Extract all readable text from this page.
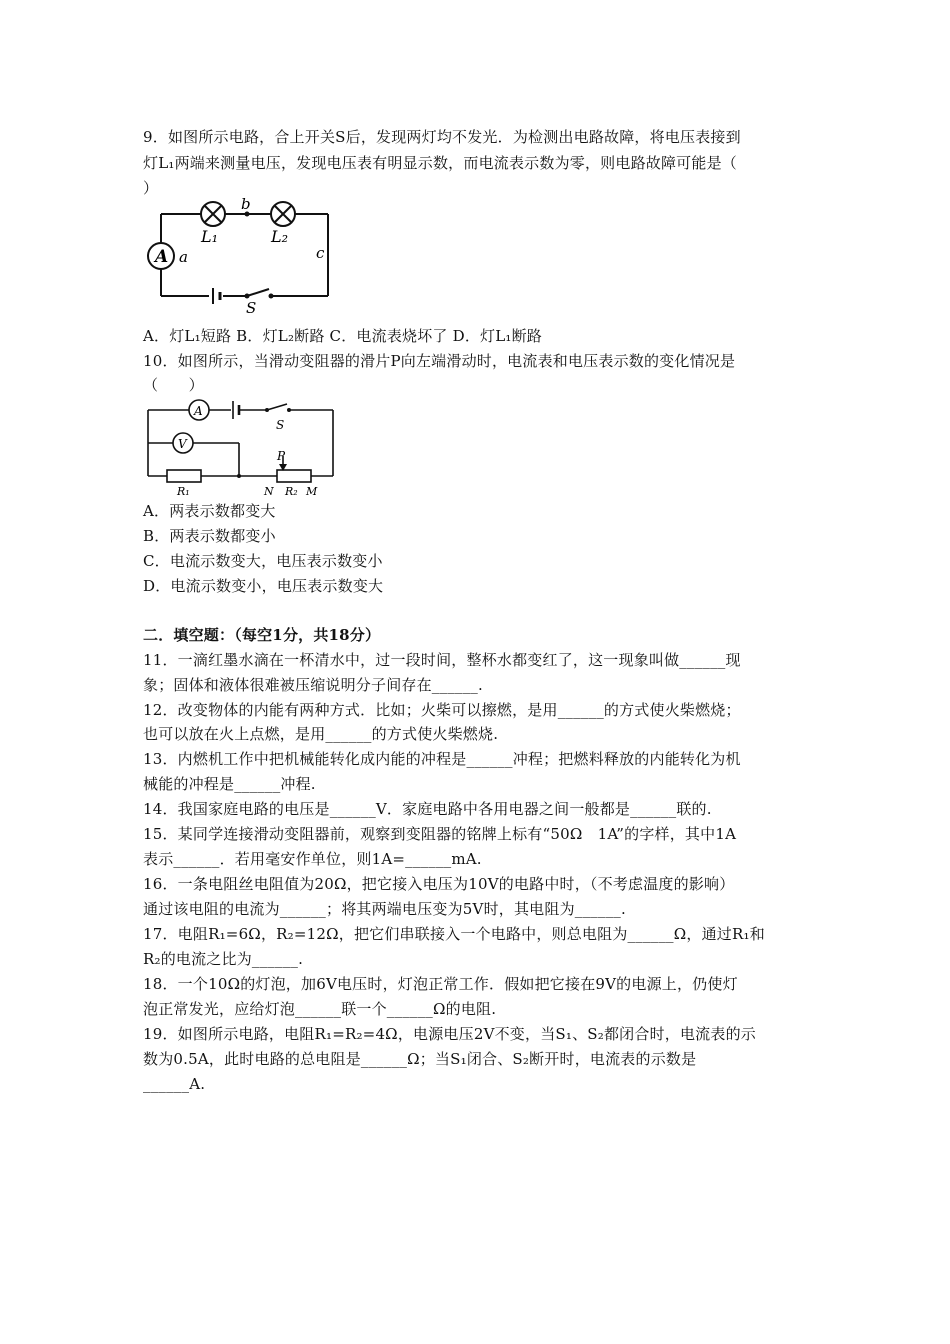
9．如图所示电路，合上开关S后，发现两灯均不发光．为检测出电路故障，将电压表接到
灯L₁两端来测量电压，发现电压表有明显示数，而电流表示数为零，则电路故障可能是（
）
A a
b
c
L₁	L₂
S
A．灯L₁短路 B．灯L₂断路 C．电流表烧坏了 D．灯L₁断路
10．如图所示，当滑动变阻器的滑片P向左端滑动时，电流表和电压表示数的变化情况是
（　　）
A
V
S
P
R₁	N R₂ M
A．两表示数都变大
B．两表示数都变小
C．电流示数变大，电压表示数变小
D．电流示数变小，电压表示数变大
二．填空题：（每空1分，共18分）
11．一滴红墨水滴在一杯清水中，过一段时间，整杯水都变红了，这一现象叫做______现
象；固体和液体很难被压缩说明分子间存在______.
12．改变物体的内能有两种方式．比如；火柴可以擦燃，是用______的方式使火柴燃烧；
也可以放在火上点燃，是用______的方式使火柴燃烧.
13．内燃机工作中把机械能转化成内能的冲程是______冲程；把燃料释放的内能转化为机
械能的冲程是______冲程.
14．我国家庭电路的电压是______V．家庭电路中各用电器之间一般都是______联的.
15．某同学连接滑动变阻器前，观察到变阻器的铭牌上标有“50Ω　1A”的字样，其中1A
表示______．若用毫安作单位，则1A=______mA.
16．一条电阻丝电阻值为20Ω，把它接入电压为10V的电路中时，（不考虑温度的影响）
通过该电阻的电流为______；将其两端电压变为5V时，其电阻为______.
17．电阻R₁=6Ω，R₂=12Ω，把它们串联接入一个电路中，则总电阻为______Ω，通过R₁和
R₂的电流之比为______.
18．一个10Ω的灯泡，加6V电压时，灯泡正常工作．假如把它接在9V的电源上，仍使灯
泡正常发光，应给灯泡______联一个______Ω的电阻.
19．如图所示电路，电阻R₁=R₂=4Ω，电源电压2V不变，当S₁、S₂都闭合时，电流表的示
数为0.5A，此时电路的总电阻是______Ω；当S₁闭合、S₂断开时，电流表的示数是
______A.
